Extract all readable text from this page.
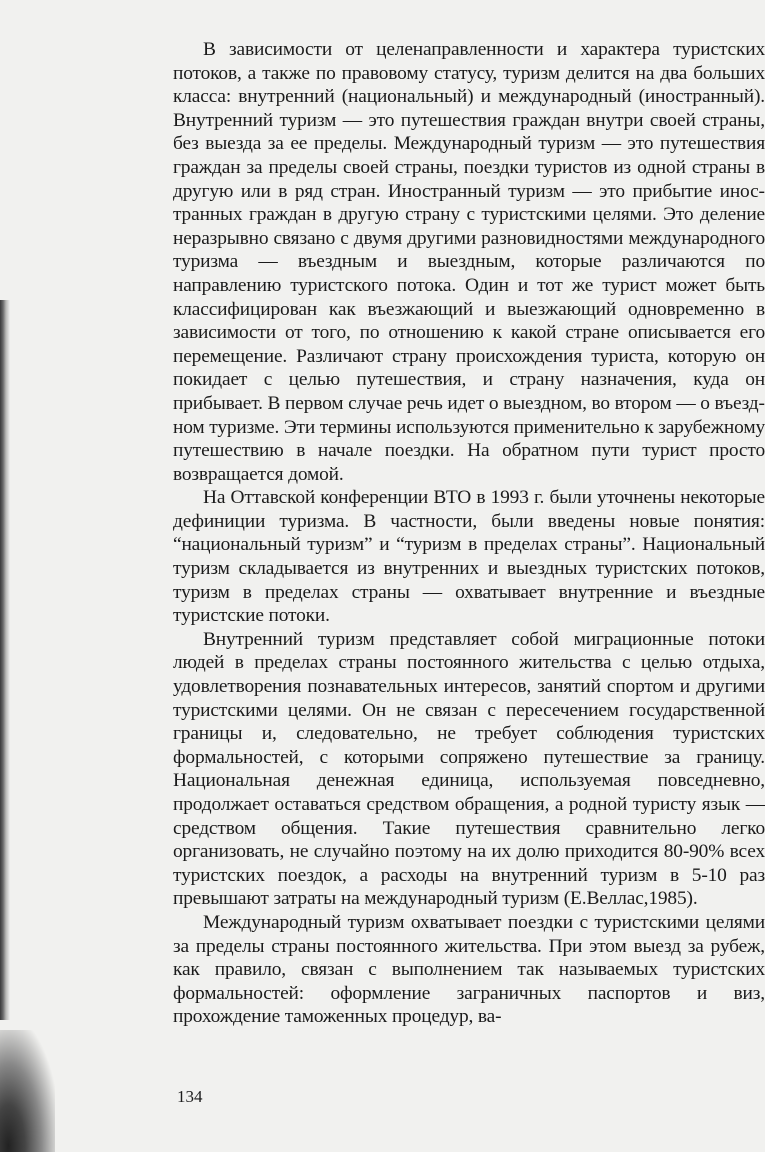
В зависимости от целенаправленности и характера туристских потоков, а также по правовому статусу, туризм делится на два больших класса: внутренний (национальный) и международный (иностранный). Внутренний туризм — это путешествия граждан внутри своей страны, без выезда за ее пределы. Международный туризм — это путешествия граждан за пределы своей страны, поездки туристов из одной страны в другую или в ряд стран. Иностранный туризм — это прибытие иностранных граждан в другую страну с туристскими целями. Это деление неразрывно связано с двумя другими разновидностями международного туризма — въездным и выездным, которые различаются по направлению туристского потока. Один и тот же турист может быть классифицирован как въезжающий и выезжающий одновременно в зависимости от того, по отношению к какой стране описывается его перемещение. Различают страну происхождения туриста, которую он покидает с целью путешествия, и страну назначения, куда он прибывает. В первом случае речь идет о выездном, во втором — о въездном туризме. Эти термины используются применительно к зарубежному путешествию в начале поездки. На обратном пути турист просто возвращается домой.

На Оттавской конференции ВТО в 1993 г. были уточнены некоторые дефиниции туризма. В частности, были введены новые понятия: “национальный туризм” и “туризм в пределах страны”. Национальный туризм складывается из внутренних и выездных туристских потоков, туризм в пределах страны — охватывает внутренние и въездные туристские потоки.

Внутренний туризм представляет собой миграционные потоки людей в пределах страны постоянного жительства с целью отдыха, удовлетворения познавательных интересов, занятий спортом и другими туристскими целями. Он не связан с пересечением государственной границы и, следовательно, не требует соблюдения туристских формальностей, с которыми сопряжено путешествие за границу. Национальная денежная единица, используемая повседневно, продолжает оставаться средством обращения, а родной туристу язык — средством общения. Такие путешествия сравнительно легко организовать, не случайно поэтому на их долю приходится 80-90% всех туристских поездок, а расходы на внутренний туризм в 5-10 раз превышают затраты на международный туризм (Е.Веллас,1985).

Международный туризм охватывает поездки с туристскими целями за пределы страны постоянного жительства. При этом выезд за рубеж, как правило, связан с выполнением так называемых туристских формальностей: оформление заграничных паспортов и виз, прохождение таможенных процедур, ва-

134
